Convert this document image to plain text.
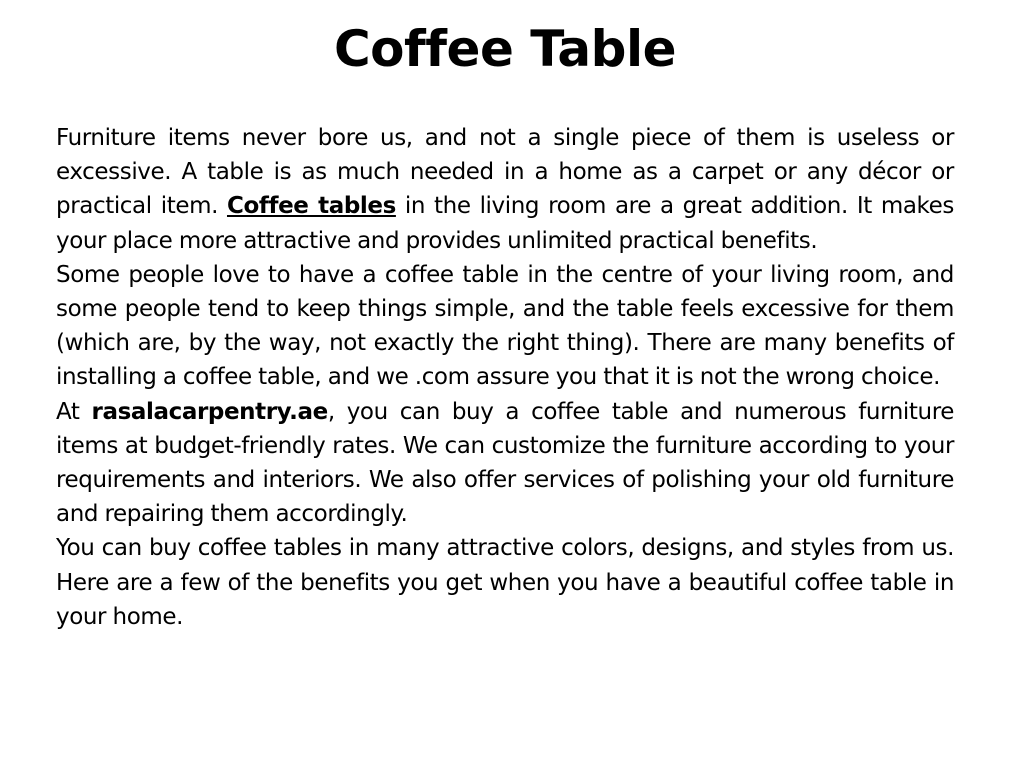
Coffee Table

Furniture items never bore us, and not a single piece of them is useless or excessive. A table is as much needed in a home as a carpet or any décor or practical item. Coffee tables in the living room are a great addition. It makes your place more attractive and provides unlimited practical benefits.

Some people love to have a coffee table in the centre of your living room, and some people tend to keep things simple, and the table feels excessive for them (which are, by the way, not exactly the right thing). There are many benefits of installing a coffee table, and we .com assure you that it is not the wrong choice.

At rasalacarpentry.ae, you can buy a coffee table and numerous furniture items at budget-friendly rates. We can customize the furniture according to your requirements and interiors. We also offer services of polishing your old furniture and repairing them accordingly.

You can buy coffee tables in many attractive colors, designs, and styles from us. Here are a few of the benefits you get when you have a beautiful coffee table in your home.
